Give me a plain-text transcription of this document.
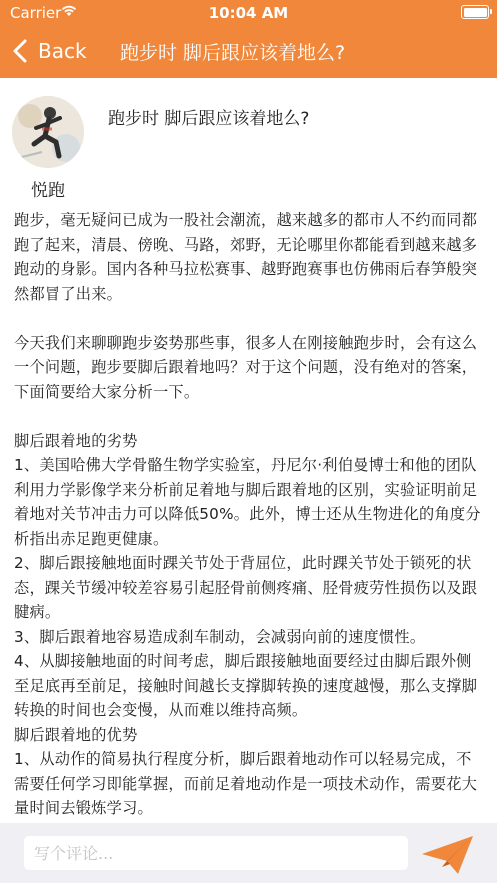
Carrier	10:04 AM
Back 跑步时 脚后跟应该着地么?
悦跑
跑步时 脚后跟应该着地么?

跑步，毫无疑问已成为一股社会潮流，越来越多的都市人不约而同都跑了起来，清晨、傍晚、马路，郊野，无论哪里你都能看到越来越多跑动的身影。国内各种马拉松赛事、越野跑赛事也仿佛雨后春笋般突然都冒了出来。

今天我们来聊聊跑步姿势那些事，很多人在刚接触跑步时，会有这么一个问题，跑步要脚后跟着地吗？对于这个问题，没有绝对的答案，下面简要给大家分析一下。

脚后跟着地的劣势

1、美国哈佛大学骨骼生物学实验室，丹尼尔·利伯曼博士和他的团队利用力学影像学来分析前足着地与脚后跟着地的区别，实验证明前足着地对关节冲击力可以降低50%。此外，博士还从生物进化的角度分析指出赤足跑更健康。

2、脚后跟接触地面时踝关节处于背屈位，此时踝关节处于锁死的状态，踝关节缓冲较差容易引起胫骨前侧疼痛、胫骨疲劳性损伤以及跟腱病。

3、脚后跟着地容易造成刹车制动，会减弱向前的速度惯性。

4、从脚接触地面的时间考虑，脚后跟接触地面要经过由脚后跟外侧至足底再至前足，接触时间越长支撑脚转换的速度越慢，那么支撑脚转换的时间也会变慢，从而难以维持高频。

脚后跟着地的优势

1、从动作的简易执行程度分析，脚后跟着地动作可以轻易完成，不需要任何学习即能掌握，而前足着地动作是一项技术动作，需要花大量时间去锻炼学习。

写个评论...
